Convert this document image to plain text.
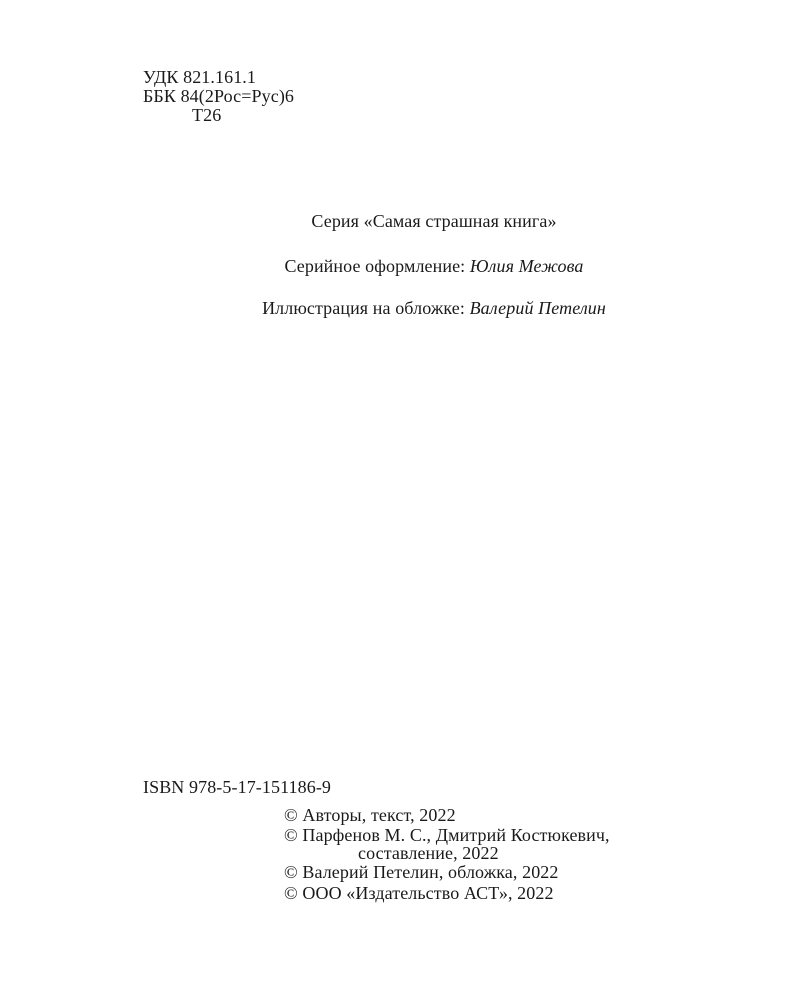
УДК 821.161.1
ББК 84(2Рос=Рус)6
Т26
Серия «Самая страшная книга»
Серийное оформление: Юлия Межова
Иллюстрация на обложке: Валерий Петелин
ISBN 978-5-17-151186-9
© Авторы, текст, 2022
© Парфенов М. С., Дмитрий Костюкевич,
составление, 2022
© Валерий Петелин, обложка, 2022
© ООО «Издательство АСТ», 2022
